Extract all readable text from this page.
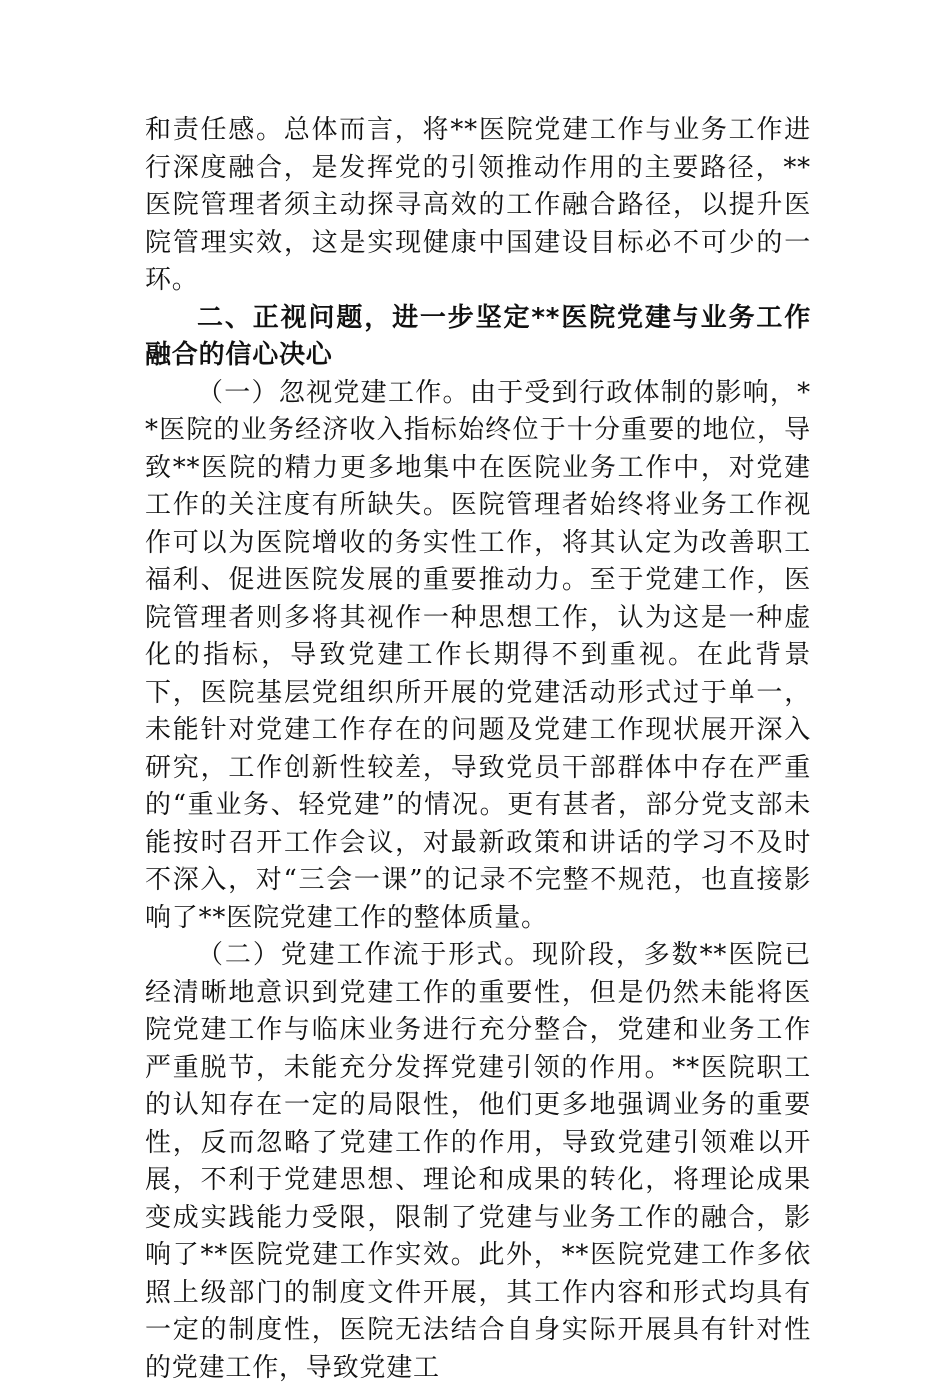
和责任感。总体而言，将**医院党建工作与业务工作进行深度融合，是发挥党的引领推动作用的主要路径，**医院管理者须主动探寻高效的工作融合路径，以提升医院管理实效，这是实现健康中国建设目标必不可少的一环。

二、正视问题，进一步坚定**医院党建与业务工作融合的信心决心

（一）忽视党建工作。由于受到行政体制的影响，**医院的业务经济收入指标始终位于十分重要的地位，导致**医院的精力更多地集中在医院业务工作中，对党建工作的关注度有所缺失。医院管理者始终将业务工作视作可以为医院增收的务实性工作，将其认定为改善职工福利、促进医院发展的重要推动力。至于党建工作，医院管理者则多将其视作一种思想工作，认为这是一种虚化的指标，导致党建工作长期得不到重视。在此背景下，医院基层党组织所开展的党建活动形式过于单一，未能针对党建工作存在的问题及党建工作现状展开深入研究，工作创新性较差，导致党员干部群体中存在严重的“重业务、轻党建”的情况。更有甚者，部分党支部未能按时召开工作会议，对最新政策和讲话的学习不及时不深入，对“三会一课”的记录不完整不规范，也直接影响了**医院党建工作的整体质量。

（二）党建工作流于形式。现阶段，多数**医院已经清晰地意识到党建工作的重要性，但是仍然未能将医院党建工作与临床业务进行充分整合，党建和业务工作严重脱节，未能充分发挥党建引领的作用。**医院职工的认知存在一定的局限性，他们更多地强调业务的重要性，反而忽略了党建工作的作用，导致党建引领难以开展，不利于党建思想、理论和成果的转化，将理论成果变成实践能力受限，限制了党建与业务工作的融合，影响了**医院党建工作实效。此外，**医院党建工作多依照上级部门的制度文件开展，其工作内容和形式均具有一定的制度性，医院无法结合自身实际开展具有针对性的党建工作，导致党建工
